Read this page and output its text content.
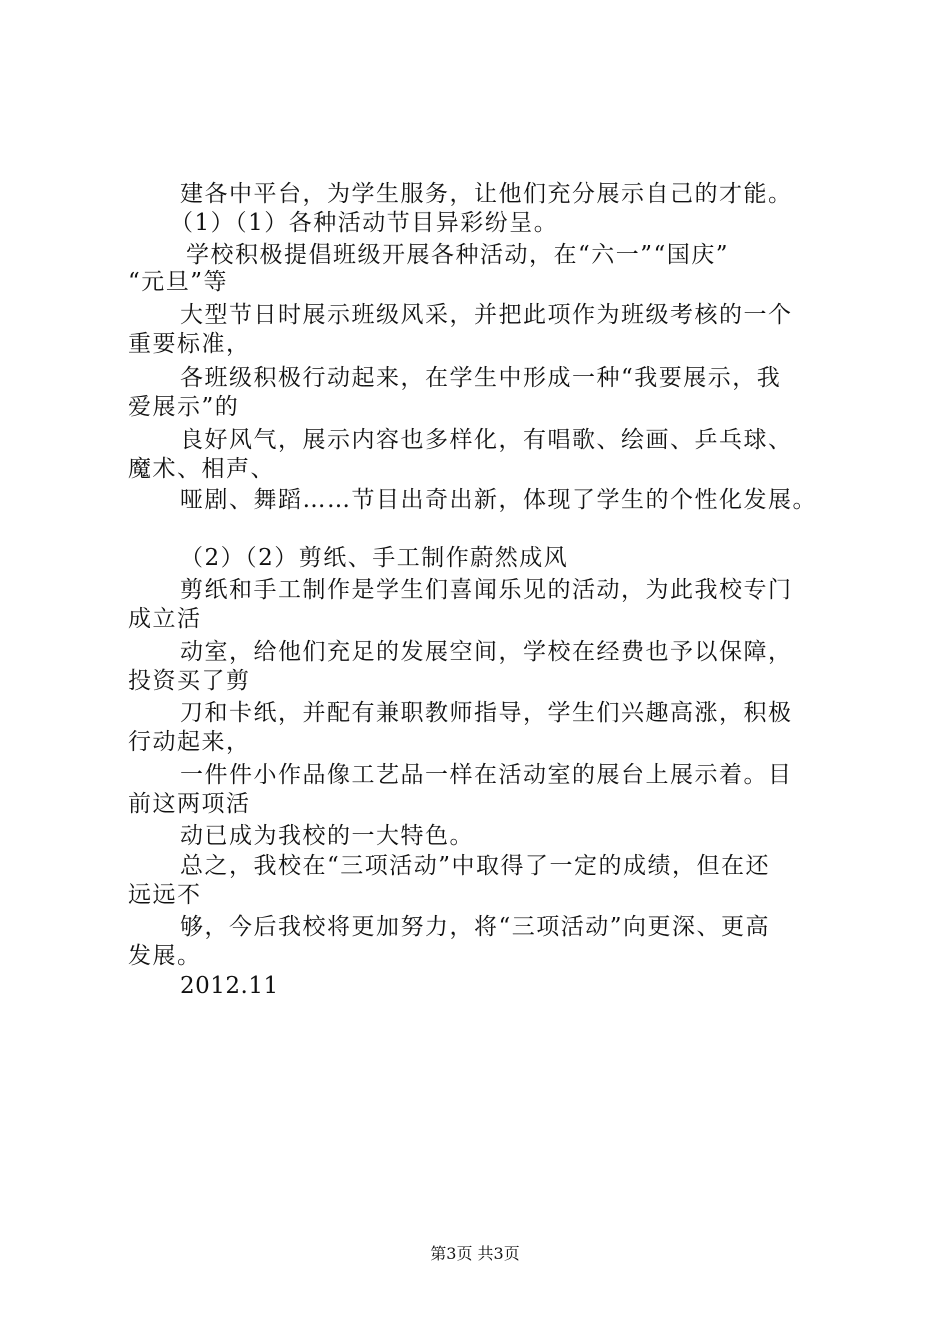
建各中平台，为学生服务，让他们充分展示自己的才能。
（1）（1）各种活动节目异彩纷呈。
学校积极提倡班级开展各种活动，在“六一”“国庆”
“元旦”等
大型节日时展示班级风采，并把此项作为班级考核的一个
重要标准，
各班级积极行动起来，在学生中形成一种“我要展示，我
爱展示”的
良好风气，展示内容也多样化，有唱歌、绘画、乒乓球、
魔术、相声、
哑剧、舞蹈……节目出奇出新，体现了学生的个性化发展。
（2）（2）剪纸、手工制作蔚然成风
剪纸和手工制作是学生们喜闻乐见的活动，为此我校专门
成立活
动室，给他们充足的发展空间，学校在经费也予以保障，
投资买了剪
刀和卡纸，并配有兼职教师指导，学生们兴趣高涨，积极
行动起来，
一件件小作品像工艺品一样在活动室的展台上展示着。目
前这两项活
动已成为我校的一大特色。
总之，我校在“三项活动”中取得了一定的成绩，但在还
远远不
够，今后我校将更加努力，将“三项活动”向更深、更高
发展。
2012.11
第3页 共3页
